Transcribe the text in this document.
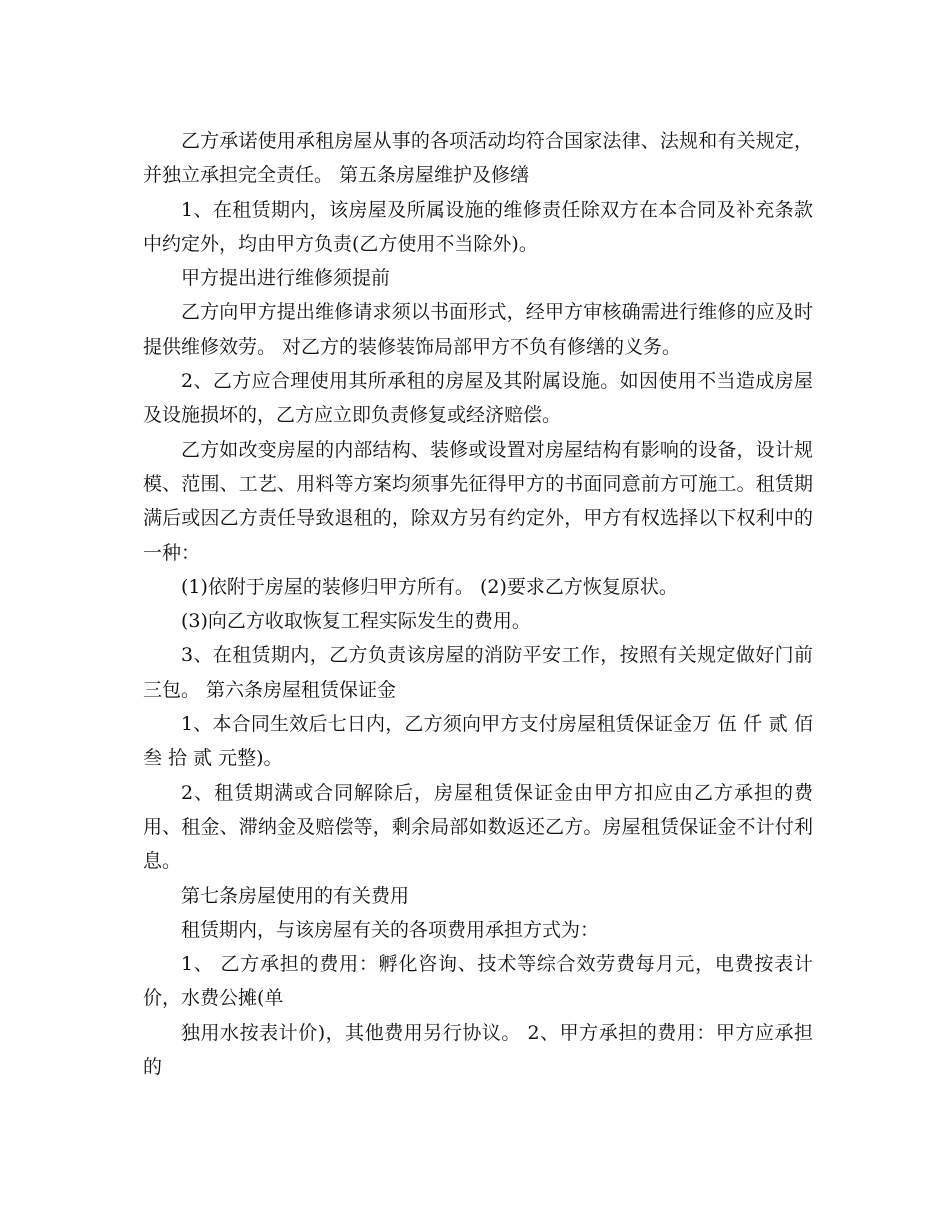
乙方承诺使用承租房屋从事的各项活动均符合国家法律、法规和有关规定，并独立承担完全责任。 第五条房屋维护及修缮

1、在租赁期内，该房屋及所属设施的维修责任除双方在本合同及补充条款中约定外，均由甲方负责(乙方使用不当除外)。

甲方提出进行维修须提前

乙方向甲方提出维修请求须以书面形式，经甲方审核确需进行维修的应及时提供维修效劳。 对乙方的装修装饰局部甲方不负有修缮的义务。

2、乙方应合理使用其所承租的房屋及其附属设施。如因使用不当造成房屋及设施损坏的，乙方应立即负责修复或经济赔偿。

乙方如改变房屋的内部结构、装修或设置对房屋结构有影响的设备，设计规模、范围、工艺、用料等方案均须事先征得甲方的书面同意前方可施工。租赁期满后或因乙方责任导致退租的，除双方另有约定外，甲方有权选择以下权利中的一种：

(1)依附于房屋的装修归甲方所有。 (2)要求乙方恢复原状。

(3)向乙方收取恢复工程实际发生的费用。

3、在租赁期内，乙方负责该房屋的消防平安工作，按照有关规定做好门前三包。 第六条房屋租赁保证金

1、本合同生效后七日内，乙方须向甲方支付房屋租赁保证金万 伍 仟 贰 佰 叁 拾 贰 元整)。

2、租赁期满或合同解除后，房屋租赁保证金由甲方扣应由乙方承担的费用、租金、滞纳金及赔偿等，剩余局部如数返还乙方。房屋租赁保证金不计付利息。

第七条房屋使用的有关费用

租赁期内，与该房屋有关的各项费用承担方式为：

1、 乙方承担的费用：孵化咨询、技术等综合效劳费每月元，电费按表计价，水费公摊(单

独用水按表计价)，其他费用另行协议。 2、甲方承担的费用：甲方应承担的
